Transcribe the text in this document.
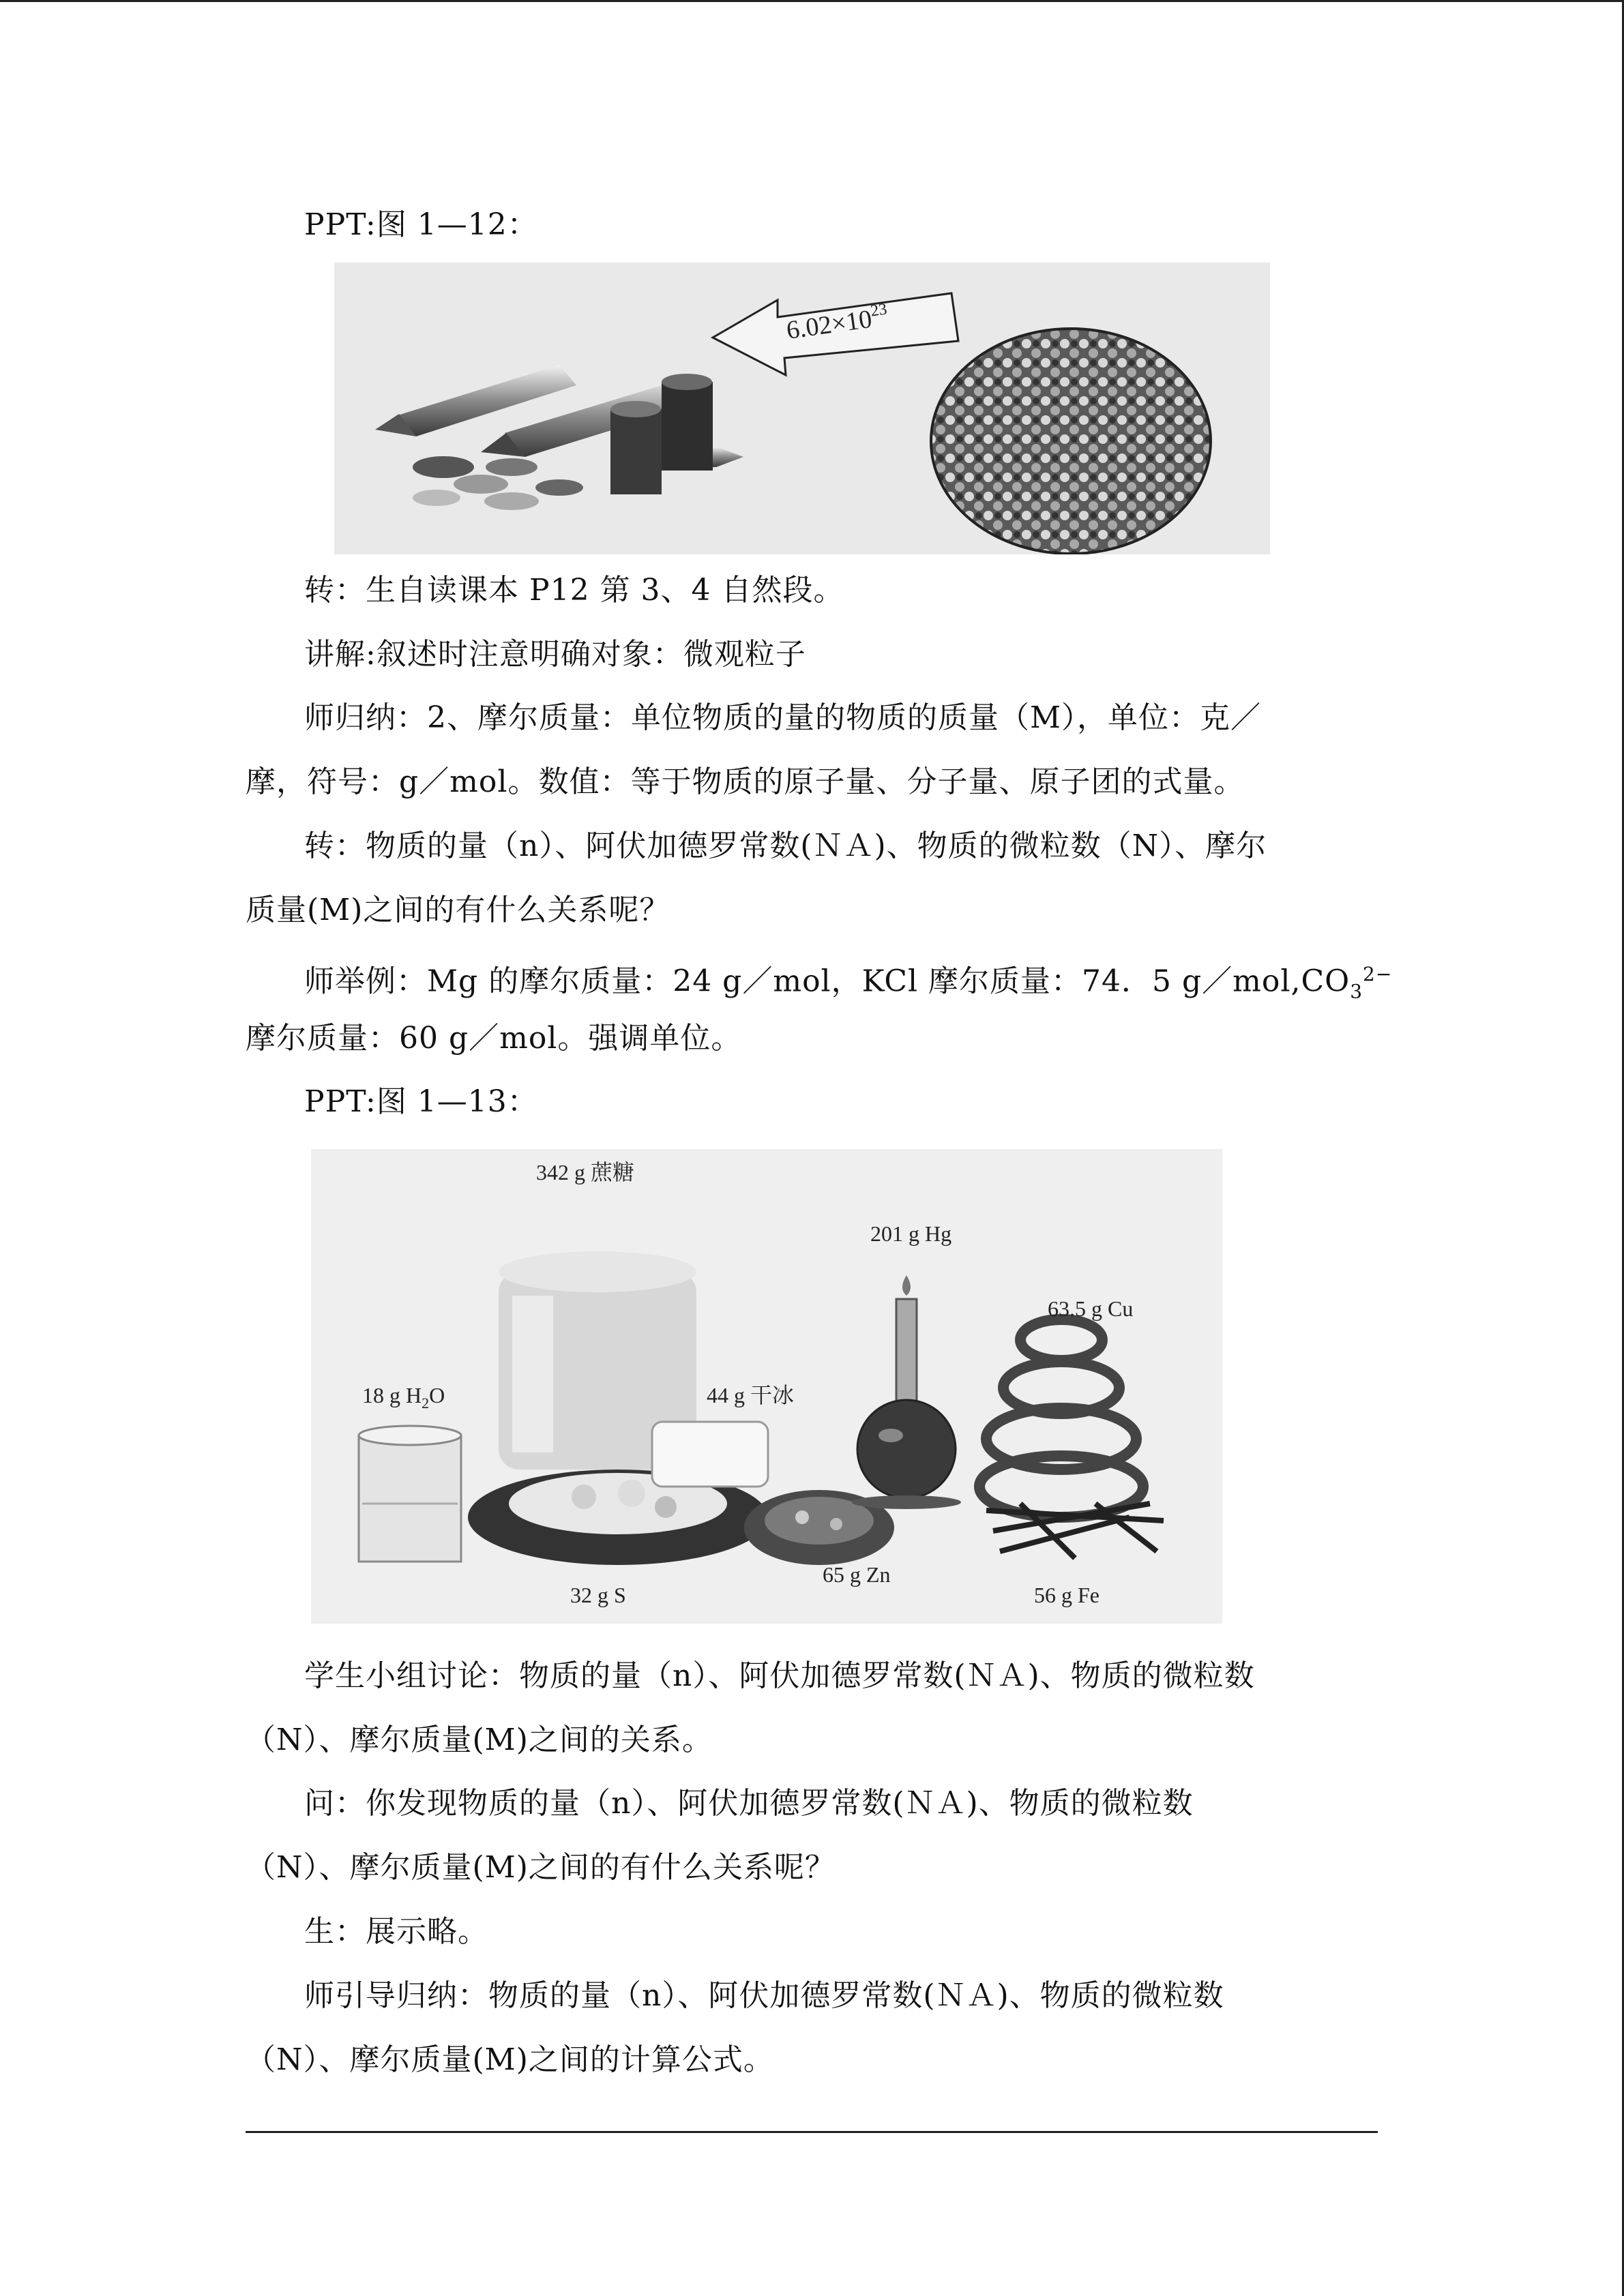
PPT:图 1—12：
$6.02\times 10^{23}$
转：生自读课本 P12 第 3、4 自然段。
讲解:叙述时注意明确对象：微观粒子
师归纳：2、摩尔质量：单位物质的量的物质的质量（M），单位：克／
摩，符号：g／mol。数值：等于物质的原子量、分子量、原子团的式量。
转：物质的量（n）、阿伏加德罗常数(ＮＡ)、物质的微粒数（N）、摩尔
质量(M)之间的有什么关系呢？
师举例：Mg 的摩尔质量：24 g／mol，KCl 摩尔质量：74．5 $g/mol,CO_3^{2-}$
摩尔质量：60 g／mol。强调单位。
PPT:图 1—13：
342 g 蔗糖
201 g Hg
63.5 g Cu
18 g $H_2O$	44 g 干冰
32 g S
65 g Zn
56 g Fe
学生小组讨论：物质的量（n）、阿伏加德罗常数(ＮＡ)、物质的微粒数
（N）、摩尔质量(M)之间的关系。
问：你发现物质的量（n）、阿伏加德罗常数(ＮＡ)、物质的微粒数
（N）、摩尔质量(M)之间的有什么关系呢？
生：展示略。
师引导归纳：物质的量（n）、阿伏加德罗常数(ＮＡ)、物质的微粒数
（N）、摩尔质量(M)之间的计算公式。
